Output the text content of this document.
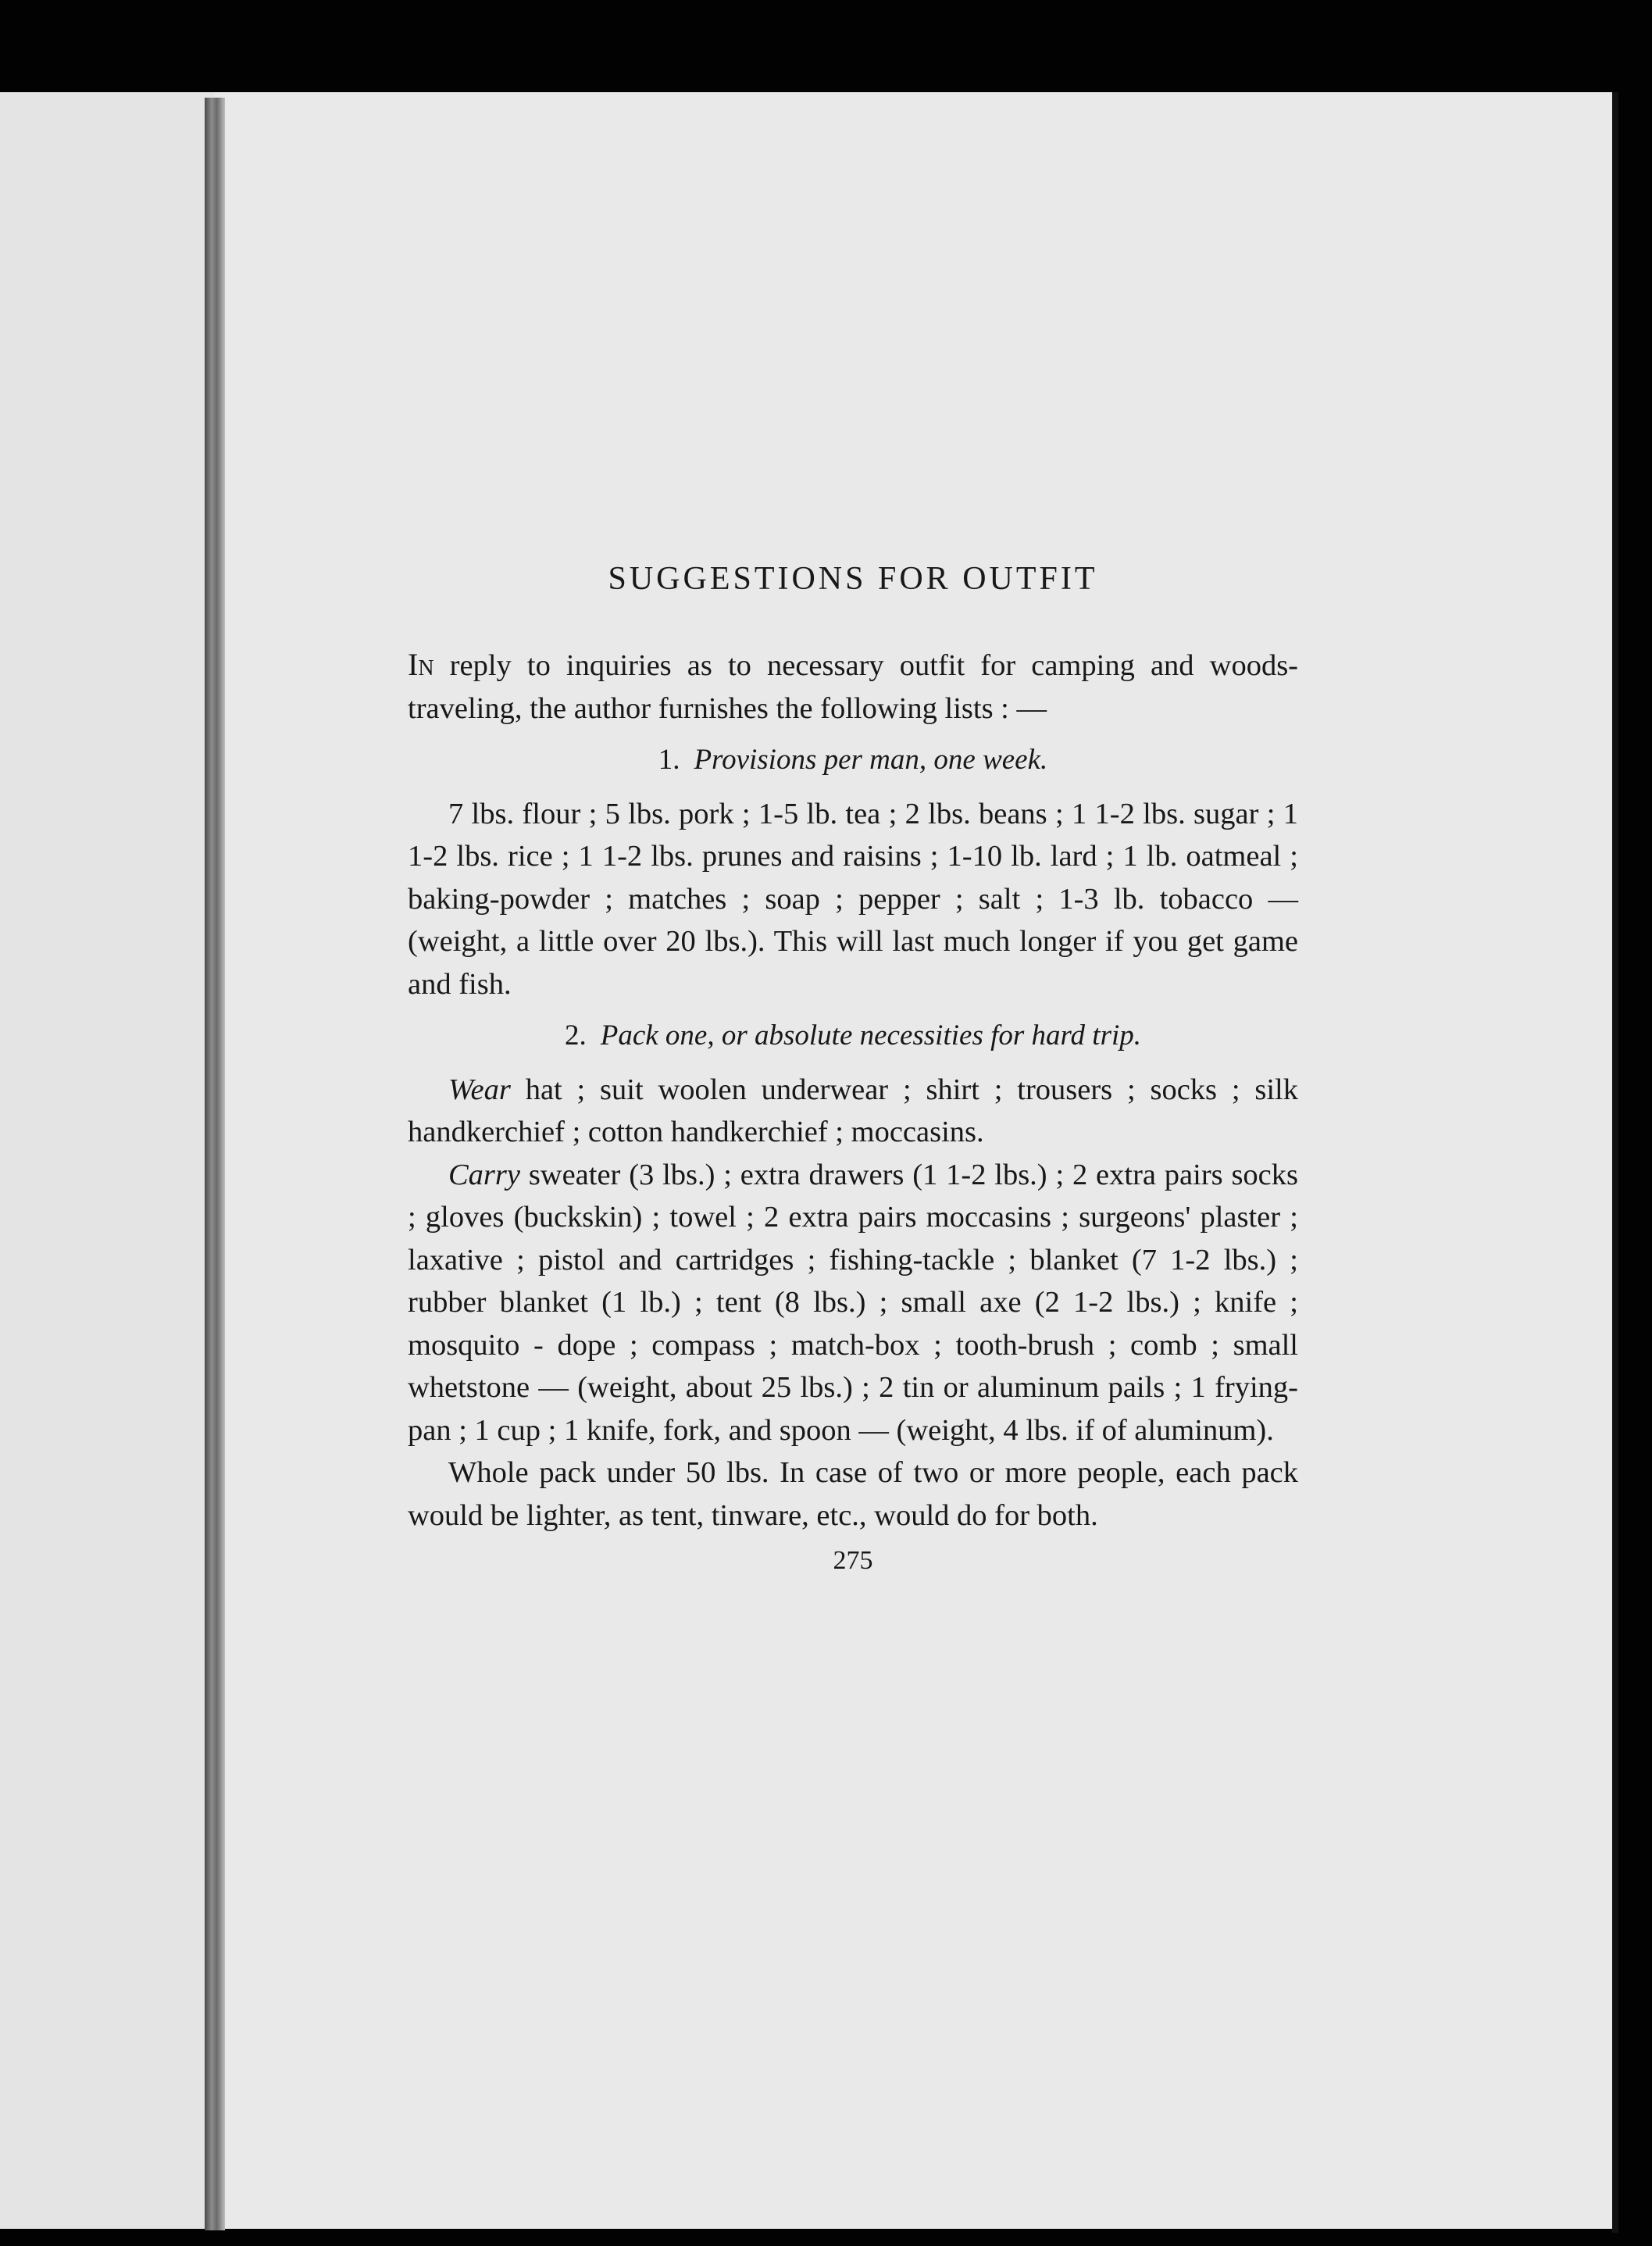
SUGGESTIONS FOR OUTFIT

In reply to inquiries as to necessary outfit for camping and woods-traveling, the author furnishes the following lists : —

1. Provisions per man, one week.

7 lbs. flour ; 5 lbs. pork ; 1-5 lb. tea ; 2 lbs. beans ; 1 1-2 lbs. sugar ; 1 1-2 lbs. rice ; 1 1-2 lbs. prunes and raisins ; 1-10 lb. lard ; 1 lb. oatmeal ; baking-powder ; matches ; soap ; pepper ; salt ; 1-3 lb. tobacco — (weight, a little over 20 lbs.). This will last much longer if you get game and fish.

2. Pack one, or absolute necessities for hard trip.

Wear hat ; suit woolen underwear ; shirt ; trousers ; socks ; silk handkerchief ; cotton handkerchief ; moccasins.

Carry sweater (3 lbs.) ; extra drawers (1 1-2 lbs.) ; 2 extra pairs socks ; gloves (buckskin) ; towel ; 2 extra pairs moccasins ; surgeons' plaster ; laxative ; pistol and cartridges ; fishing-tackle ; blanket (7 1-2 lbs.) ; rubber blanket (1 lb.) ; tent (8 lbs.) ; small axe (2 1-2 lbs.) ; knife ; mosquito - dope ; compass ; match-box ; tooth-brush ; comb ; small whetstone — (weight, about 25 lbs.) ; 2 tin or aluminum pails ; 1 frying-pan ; 1 cup ; 1 knife, fork, and spoon — (weight, 4 lbs. if of aluminum).

Whole pack under 50 lbs. In case of two or more people, each pack would be lighter, as tent, tinware, etc., would do for both.

275
